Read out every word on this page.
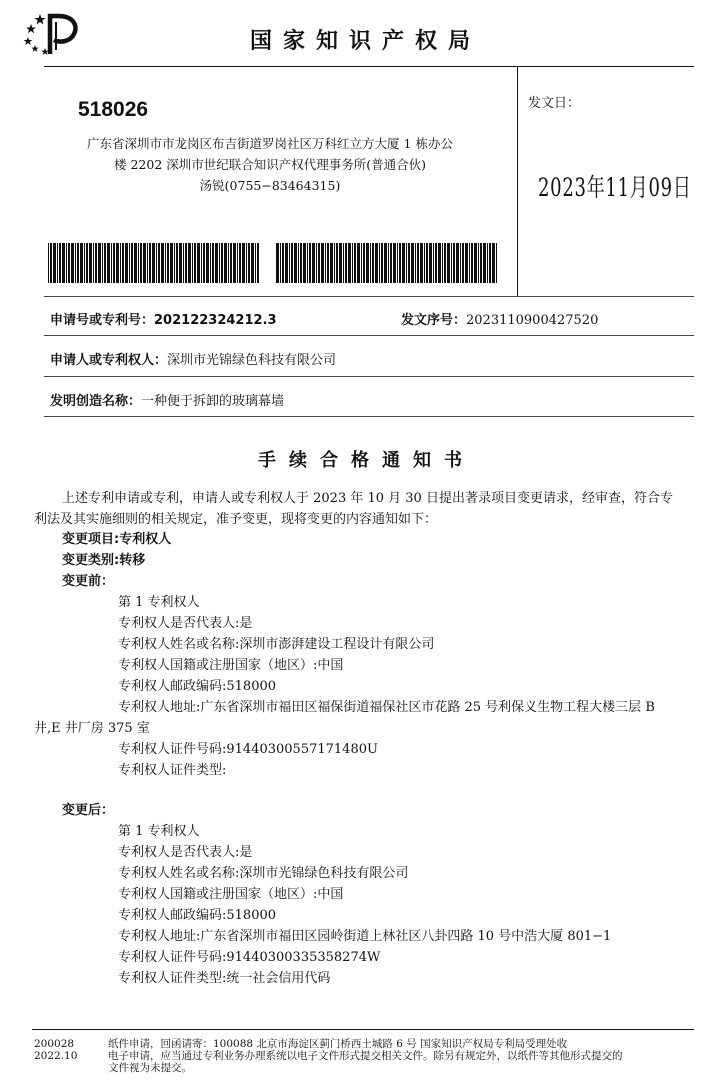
国家知识产权局
518026
广东省深圳市市龙岗区布吉街道罗岗社区万科红立方大厦 1 栋办公
楼 2202 深圳市世纪联合知识产权代理事务所(普通合伙)
汤锐(0755−83464315)
发文日：
2023年11月09日
申请号或专利号：202122324212.3	发文序号：2023110900427520
申请人或专利权人：深圳市光锦绿色科技有限公司
发明创造名称：一种便于拆卸的玻璃幕墙
手续合格通知书
上述专利申请或专利，申请人或专利权人于 2023 年 10 月 30 日提出著录项目变更请求，经审查，符合专
利法及其实施细则的相关规定，准予变更，现将变更的内容通知如下：
变更项目:专利权人
变更类别:转移
变更前：
第 1 专利权人
专利权人是否代表人:是
专利权人姓名或名称:深圳市澎湃建设工程设计有限公司
专利权人国籍或注册国家（地区）:中国
专利权人邮政编码:518000
专利权人地址:广东省深圳市福田区福保街道福保社区市花路 25 号利保义生物工程大楼三层 B
井,E 井厂房 375 室
专利权人证件号码:91440300557171480U
专利权人证件类型:
变更后：
第 1 专利权人
专利权人是否代表人:是
专利权人姓名或名称:深圳市光锦绿色科技有限公司
专利权人国籍或注册国家（地区）:中国
专利权人邮政编码:518000
专利权人地址:广东省深圳市福田区园岭街道上林社区八卦四路 10 号中浩大厦 801−1
专利权人证件号码:91440300335358274W
专利权人证件类型:统一社会信用代码
200028
2022.10
纸件申请，回函请寄：100088 北京市海淀区蓟门桥西土城路 6 号 国家知识产权局专利局受理处收
电子申请，应当通过专利业务办理系统以电子文件形式提交相关文件。除另有规定外，以纸件等其他形式提交的
文件视为未提交。
